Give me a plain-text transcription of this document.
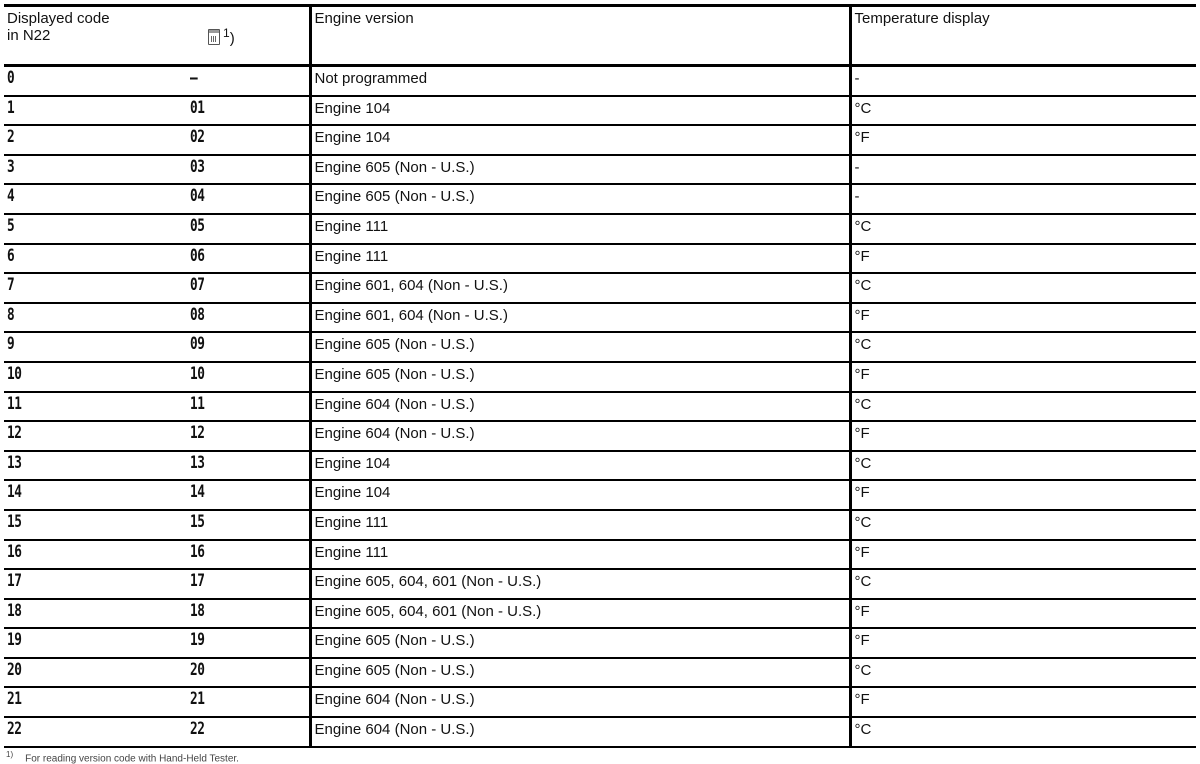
Displayed code
in N22 $^1$)		Engine version	Temperature display
0	—	Not programmed	-
1	01	Engine 104	°C
2	02	Engine 104	°F
3	03	Engine 605 (Non - U.S.)	-
4	04	Engine 605 (Non - U.S.)	-
5	05	Engine 111	°C
6	06	Engine 111	°F
7	07	Engine 601, 604 (Non - U.S.)	°C
8	08	Engine 601, 604 (Non - U.S.)	°F
9	09	Engine 605 (Non - U.S.)	°C
10	10	Engine 605 (Non - U.S.)	°F
11	11	Engine 604 (Non - U.S.)	°C
12	12	Engine 604 (Non - U.S.)	°F
13	13	Engine 104	°C
14	14	Engine 104	°F
15	15	Engine 111	°C
16	16	Engine 111	°F
17	17	Engine 605, 604, 601 (Non - U.S.)	°C
18	18	Engine 605, 604, 601 (Non - U.S.)	°F
19	19	Engine 605 (Non - U.S.)	°F
20	20	Engine 605 (Non - U.S.)	°C
21	21	Engine 604 (Non - U.S.)	°F
22	22	Engine 604 (Non - U.S.)	°C
$^{1)}$ For reading version code with Hand-Held Tester.
